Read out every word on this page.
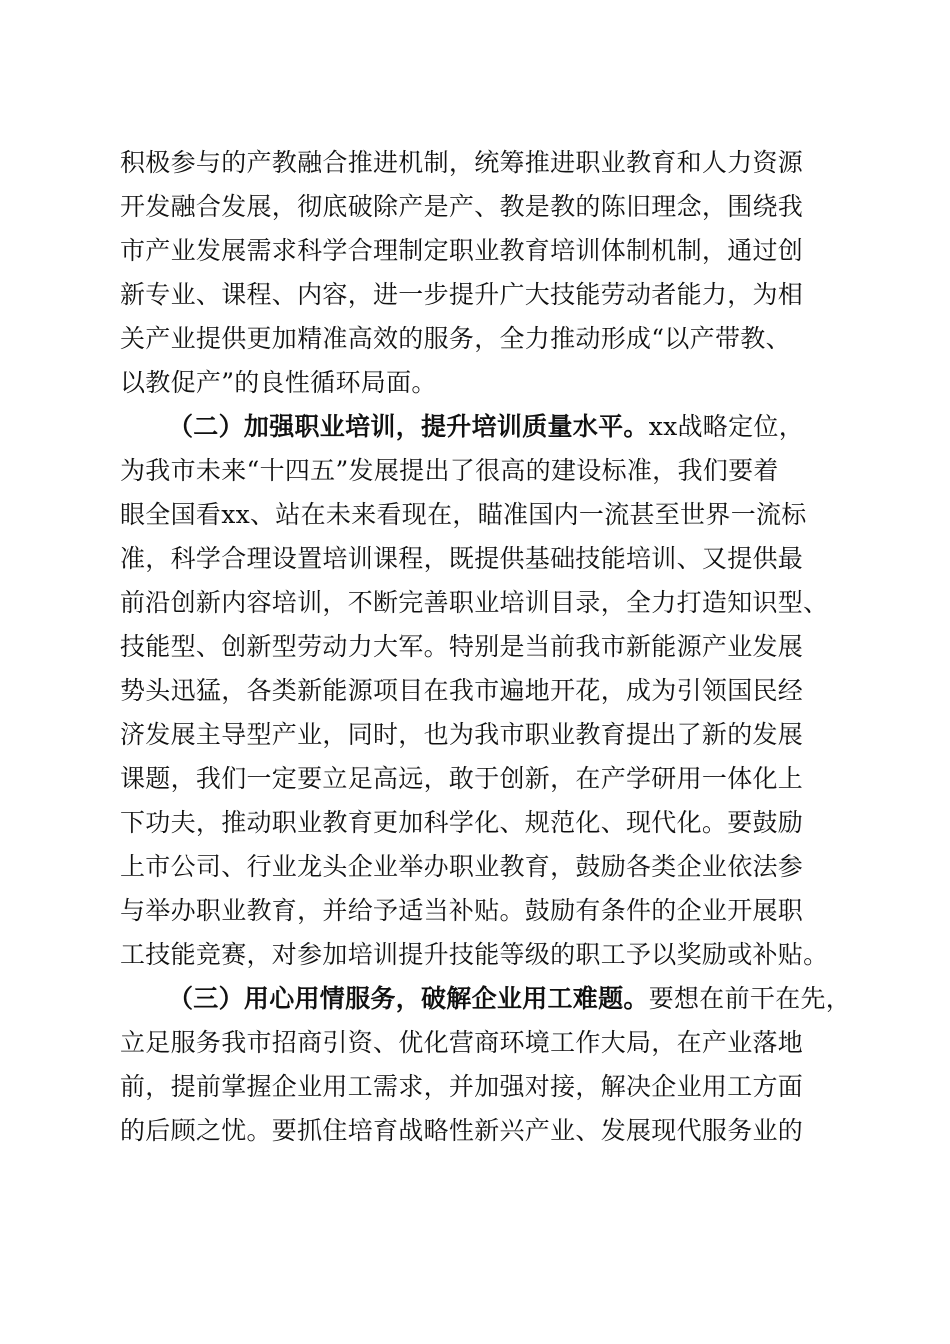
积极参与的产教融合推进机制，统筹推进职业教育和人力资源
开发融合发展，彻底破除产是产、教是教的陈旧理念，围绕我
市产业发展需求科学合理制定职业教育培训体制机制，通过创
新专业、课程、内容，进一步提升广大技能劳动者能力，为相
关产业提供更加精准高效的服务，全力推动形成“以产带教、
以教促产”的良性循环局面。
（二）加强职业培训，提升培训质量水平。xx战略定位，
为我市未来“十四五”发展提出了很高的建设标准，我们要着
眼全国看xx、站在未来看现在，瞄准国内一流甚至世界一流标
准，科学合理设置培训课程，既提供基础技能培训、又提供最
前沿创新内容培训，不断完善职业培训目录，全力打造知识型、
技能型、创新型劳动力大军。特别是当前我市新能源产业发展
势头迅猛，各类新能源项目在我市遍地开花，成为引领国民经
济发展主导型产业，同时，也为我市职业教育提出了新的发展
课题，我们一定要立足高远，敢于创新，在产学研用一体化上
下功夫，推动职业教育更加科学化、规范化、现代化。要鼓励
上市公司、行业龙头企业举办职业教育，鼓励各类企业依法参
与举办职业教育，并给予适当补贴。鼓励有条件的企业开展职
工技能竞赛，对参加培训提升技能等级的职工予以奖励或补贴。
（三）用心用情服务，破解企业用工难题。要想在前干在先，
立足服务我市招商引资、优化营商环境工作大局，在产业落地
前，提前掌握企业用工需求，并加强对接，解决企业用工方面
的后顾之忧。要抓住培育战略性新兴产业、发展现代服务业的
